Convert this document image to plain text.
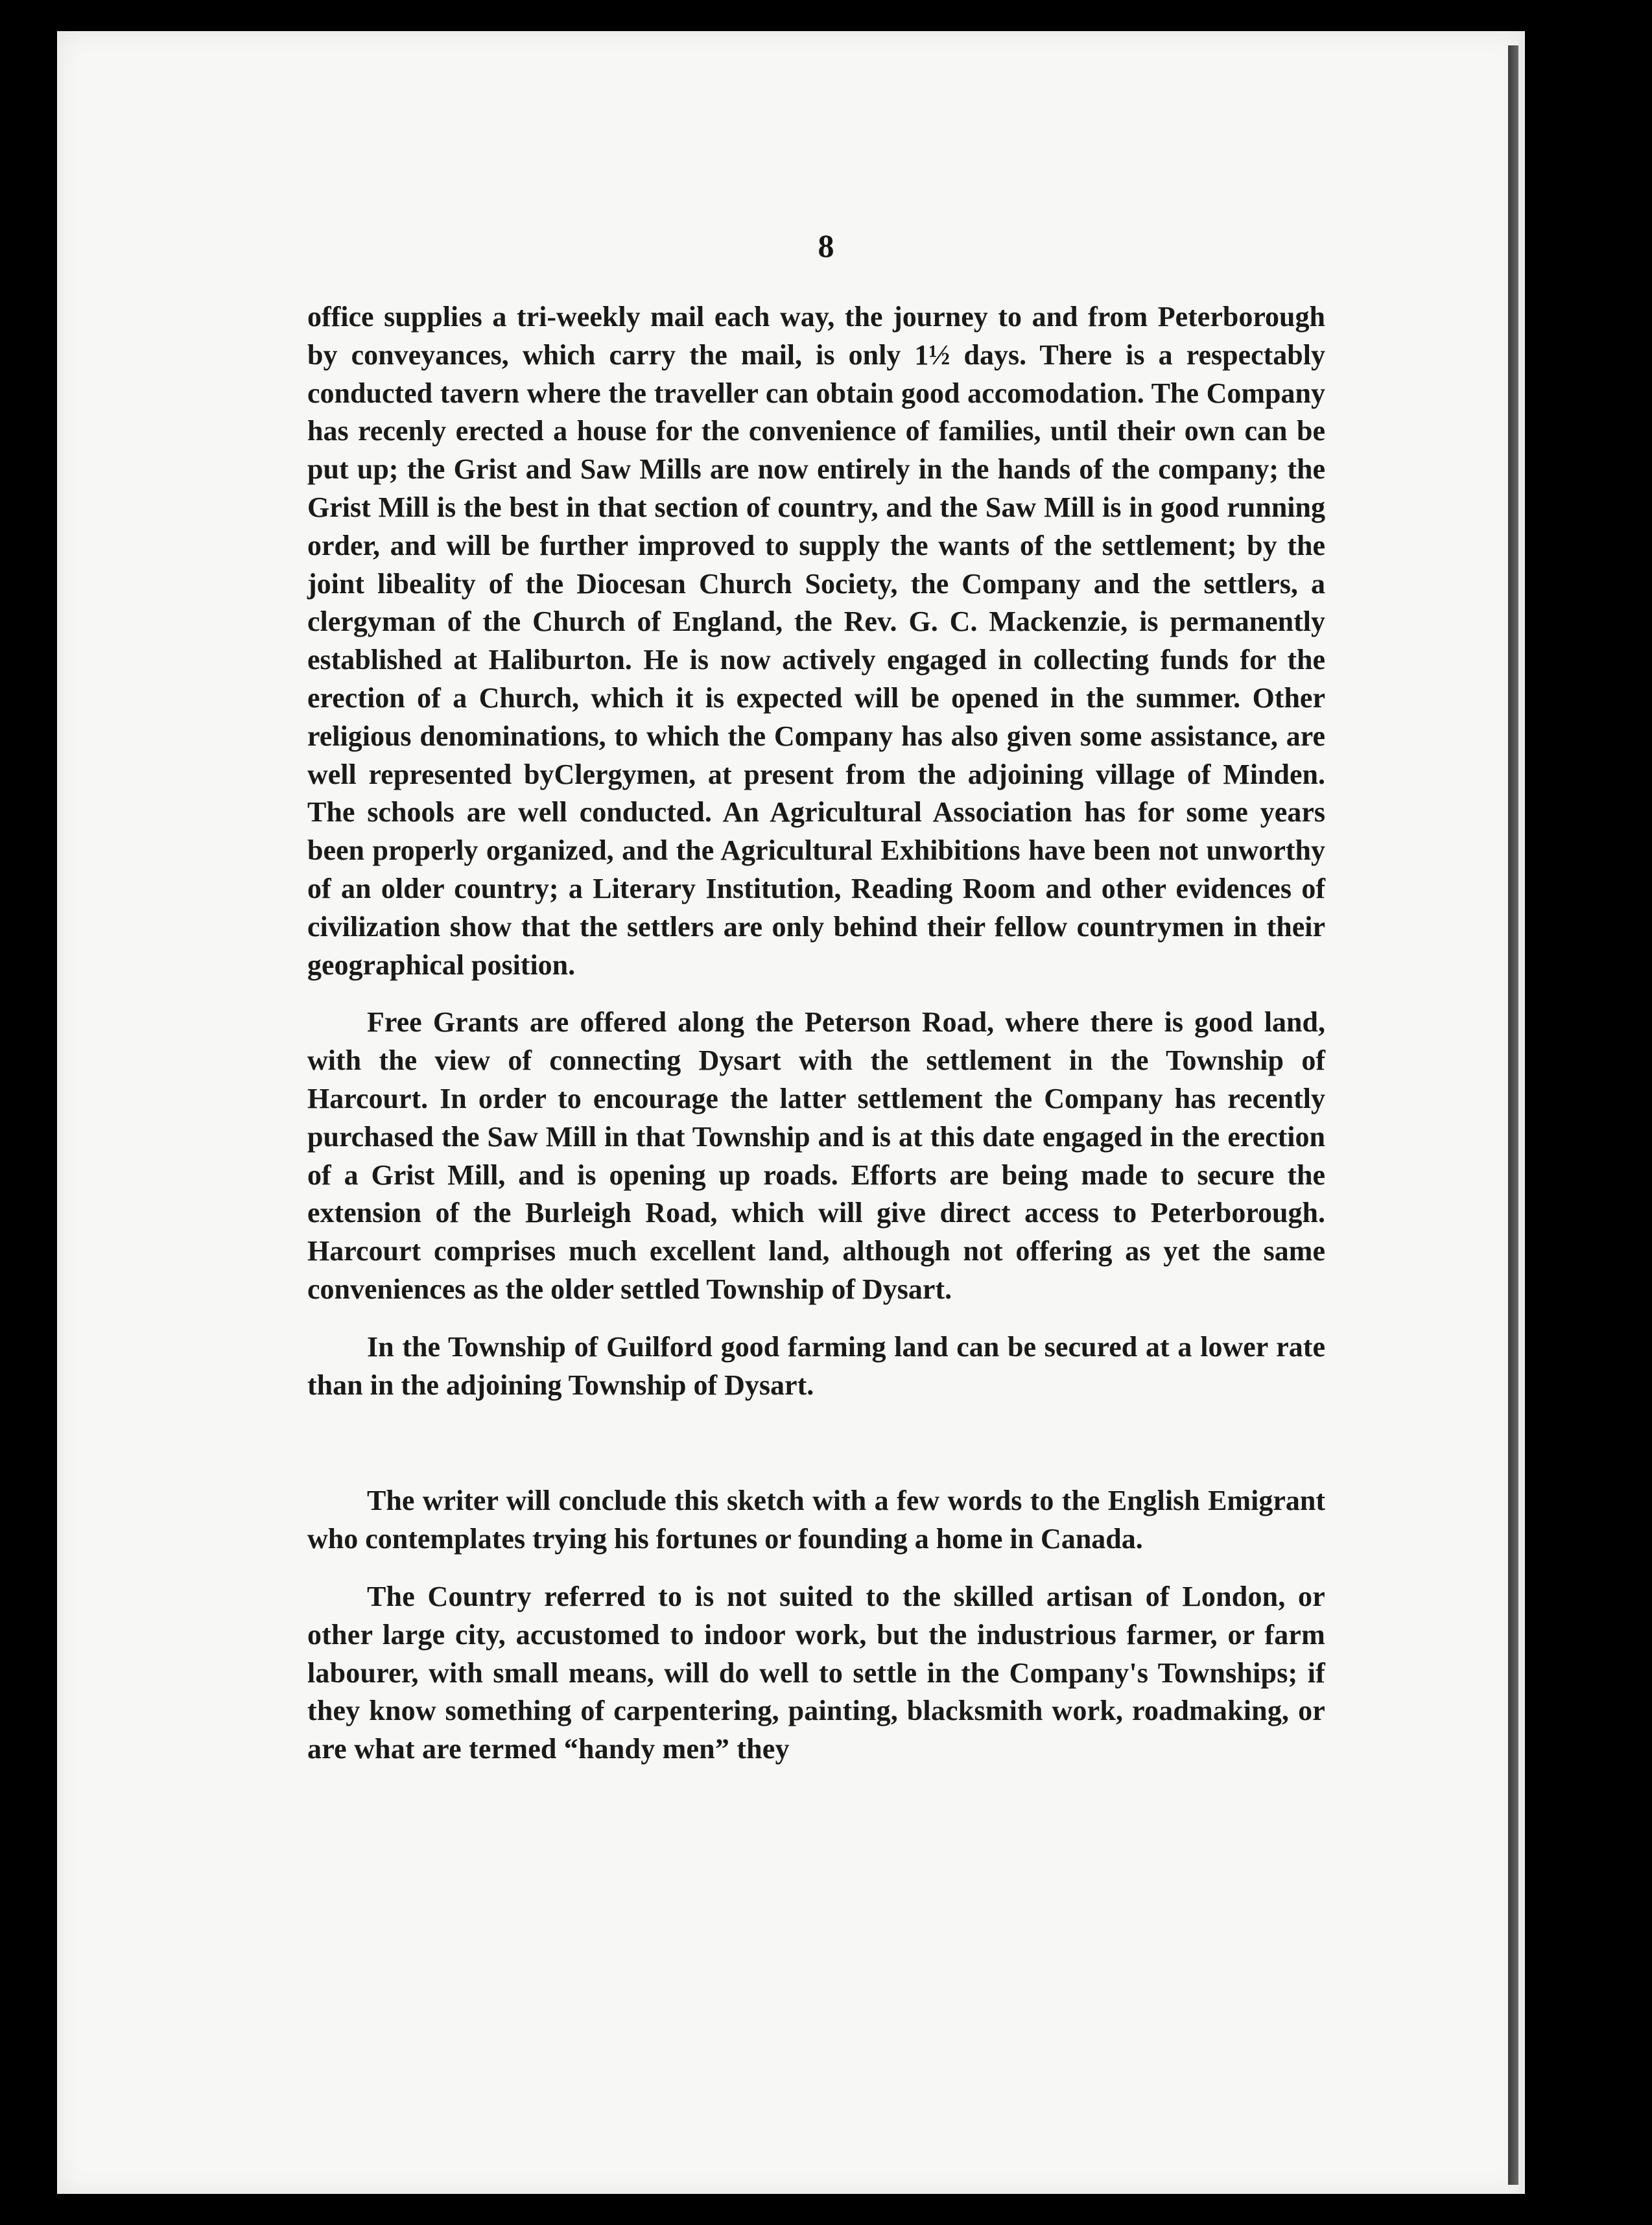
8

office supplies a tri-weekly mail each way, the journey to and from Peterborough by conveyances, which carry the mail, is only 1½ days. There is a respectably conducted tavern where the traveller can obtain good accomodation. The Company has recenly erected a house for the convenience of families, until their own can be put up; the Grist and Saw Mills are now entirely in the hands of the company; the Grist Mill is the best in that section of country, and the Saw Mill is in good running order, and will be further improved to supply the wants of the settlement; by the joint libeality of the Diocesan Church Society, the Company and the settlers, a clergyman of the Church of England, the Rev. G. C. Mackenzie, is permanently established at Haliburton. He is now actively engaged in collecting funds for the erection of a Church, which it is expected will be opened in the summer. Other religious denominations, to which the Company has also given some assistance, are well represented byClergymen, at present from the adjoining village of Minden. The schools are well conducted. An Agricultural Association has for some years been properly organized, and the Agricultural Exhibitions have been not unworthy of an older country; a Literary Institution, Reading Room and other evidences of civilization show that the settlers are only behind their fellow countrymen in their geographical position.

Free Grants are offered along the Peterson Road, where there is good land, with the view of connecting Dysart with the settlement in the Township of Harcourt. In order to encourage the latter settlement the Company has recently purchased the Saw Mill in that Township and is at this date engaged in the erection of a Grist Mill, and is opening up roads. Efforts are being made to secure the extension of the Burleigh Road, which will give direct access to Peterborough. Harcourt comprises much excellent land, although not offering as yet the same conveniences as the older settled Township of Dysart.

In the Township of Guilford good farming land can be secured at a lower rate than in the adjoining Township of Dysart.

The writer will conclude this sketch with a few words to the English Emigrant who contemplates trying his fortunes or founding a home in Canada.

The Country referred to is not suited to the skilled artisan of London, or other large city, accustomed to indoor work, but the industrious farmer, or farm labourer, with small means, will do well to settle in the Company's Townships; if they know something of carpentering, painting, blacksmith work, roadmaking, or are what are termed “handy men” they
